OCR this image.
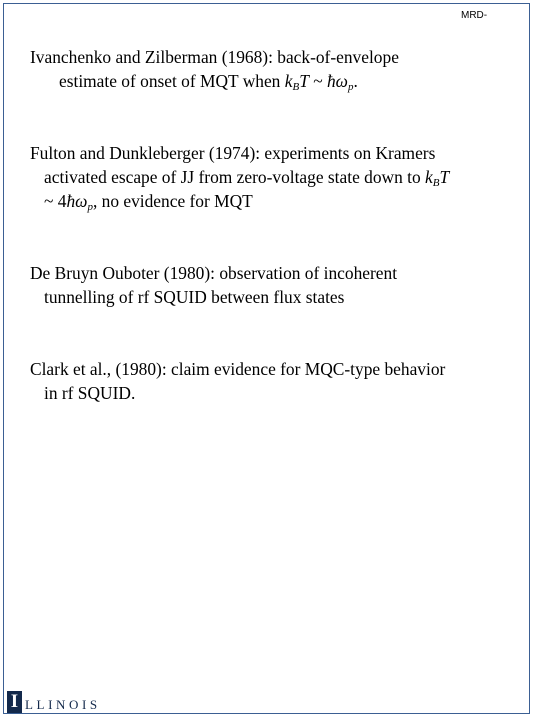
MRD-
Ivanchenko and Zilberman (1968): back-of-envelope
estimate of onset of MQT when $k_BT$ ~ $ħ\omega_p$.
Fulton and Dunkleberger (1974): experiments on Kramers
activated escape of JJ from zero-voltage state down to $k_BT$
~ $4ħ\omega_p$, no evidence for MQT
De Bruyn Ouboter (1980): observation of incoherent
tunnelling of rf SQUID between flux states
Clark et al., (1980): claim evidence for MQC-type behavior
in rf SQUID.
I LLINOIS
